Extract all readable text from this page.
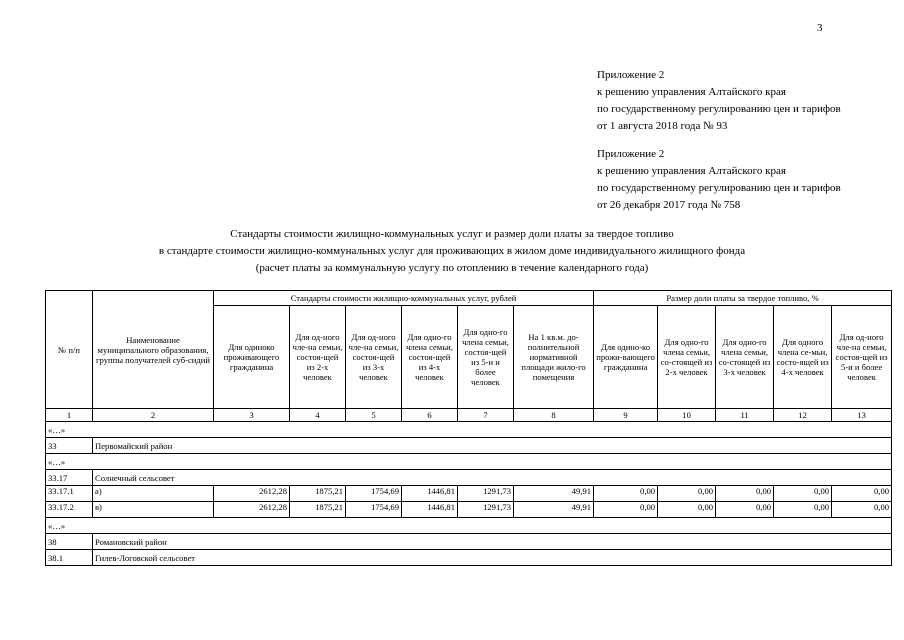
3
Приложение 2
к решению управления Алтайского края
по государственному регулированию цен и тарифов
от 1 августа 2018 года № 93
Приложение 2
к решению управления Алтайского края
по государственному регулированию цен и тарифов
от 26 декабря 2017 года № 758
Стандарты стоимости жилищно-коммунальных услуг и размер доли платы за твердое топливо
в стандарте стоимости жилищно-коммунальных услуг для проживающих в жилом доме индивидуального жилищного фонда
(расчет платы за коммунальную услугу по отоплению в течение календарного года)
№ п/п	Наименование муниципального образования, группы получателей суб-сидий	Стандарты стоимости жилищно-коммунальных услуг, рублей						Размер доли платы за твердое топливо, %				
		Для одиноко проживающего гражданина	Для од-ного чле-на семьи, состоя-щей из 2-х человек	Для од-ного чле-на семьи, состоя-щей из 3-х человек	Для одно-го члена семьи, состоя-щей из 4-х человек	Для одно-го члена семьи, состоя-щей из 5-и и более человек	На 1 кв.м. до-полнительной нормативной площади жило-го помещения	Для одино-ко прожи-вающего гражданина	Для одно-го члена семьи, со-стоящей из 2-х человек	Для одно-го члена семьи, со-стоящей из 3-х человек	Для одного члена се-мьи, состо-ящей из 4-х человек	Для од-ного чле-на семьи, состоя-щей из 5-и и более человек
1	2	3	4	5	6	7	8	9	10	11	12	13
«…»												
33	Первомайский район											
«…»												
33.17	Солнечный сельсовет											
33.17.1	а)	2612,28	1875,21	1754,69	1446,81	1291,73	49,91	0,00	0,00	0,00	0,00	0,00
33.17.2	в)	2612,28	1875,21	1754,69	1446,81	1291,73	49,91	0,00	0,00	0,00	0,00	0,00
«…»												
38	Романовский район											
38.1	Гилев-Логовской сельсовет											
